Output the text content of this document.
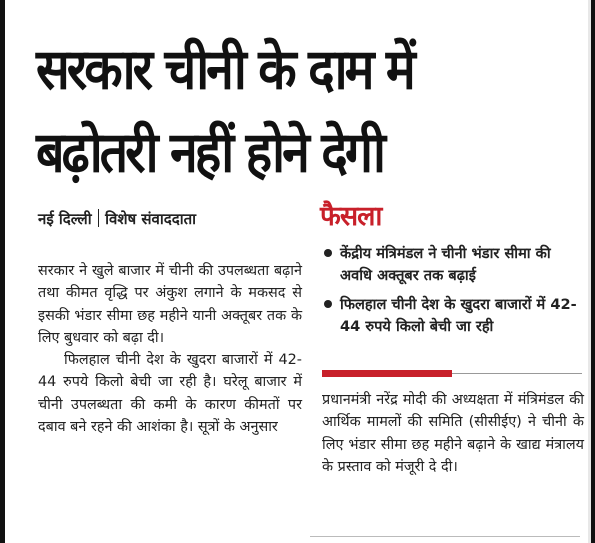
सरकार चीनी के दाम में
बढ़ोतरी नहीं होने देगी
नई दिल्ली विशेष संवाददाता

सरकार ने खुले बाजार में चीनी की उपलब्धता बढ़ाने तथा कीमत वृद्धि पर अंकुश लगाने के मकसद से इसकी भंडार सीमा छह महीने यानी अक्तूबर तक के लिए बुधवार को बढ़ा दी।

फिलहाल चीनी देश के खुदरा बाजारों में 42-44 रुपये किलो बेची जा रही है। घरेलू बाजार में चीनी उपलब्धता की कमी के कारण कीमतों पर दबाव बने रहने की आशंका है। सूत्रों के अनुसार

फैसला
केंद्रीय मंत्रिमंडल ने चीनी भंडार सीमा की अवधि अक्तूबर तक बढ़ाई
फिलहाल चीनी देश के खुदरा बाजारों में 42-44 रुपये किलो बेची जा रही

प्रधानमंत्री नरेंद्र मोदी की अध्यक्षता में मंत्रिमंडल की आर्थिक मामलों की समिति (सीसीईए) ने चीनी के लिए भंडार सीमा छह महीने बढ़ाने के खाद्य मंत्रालय के प्रस्ताव को मंजूरी दे दी।
